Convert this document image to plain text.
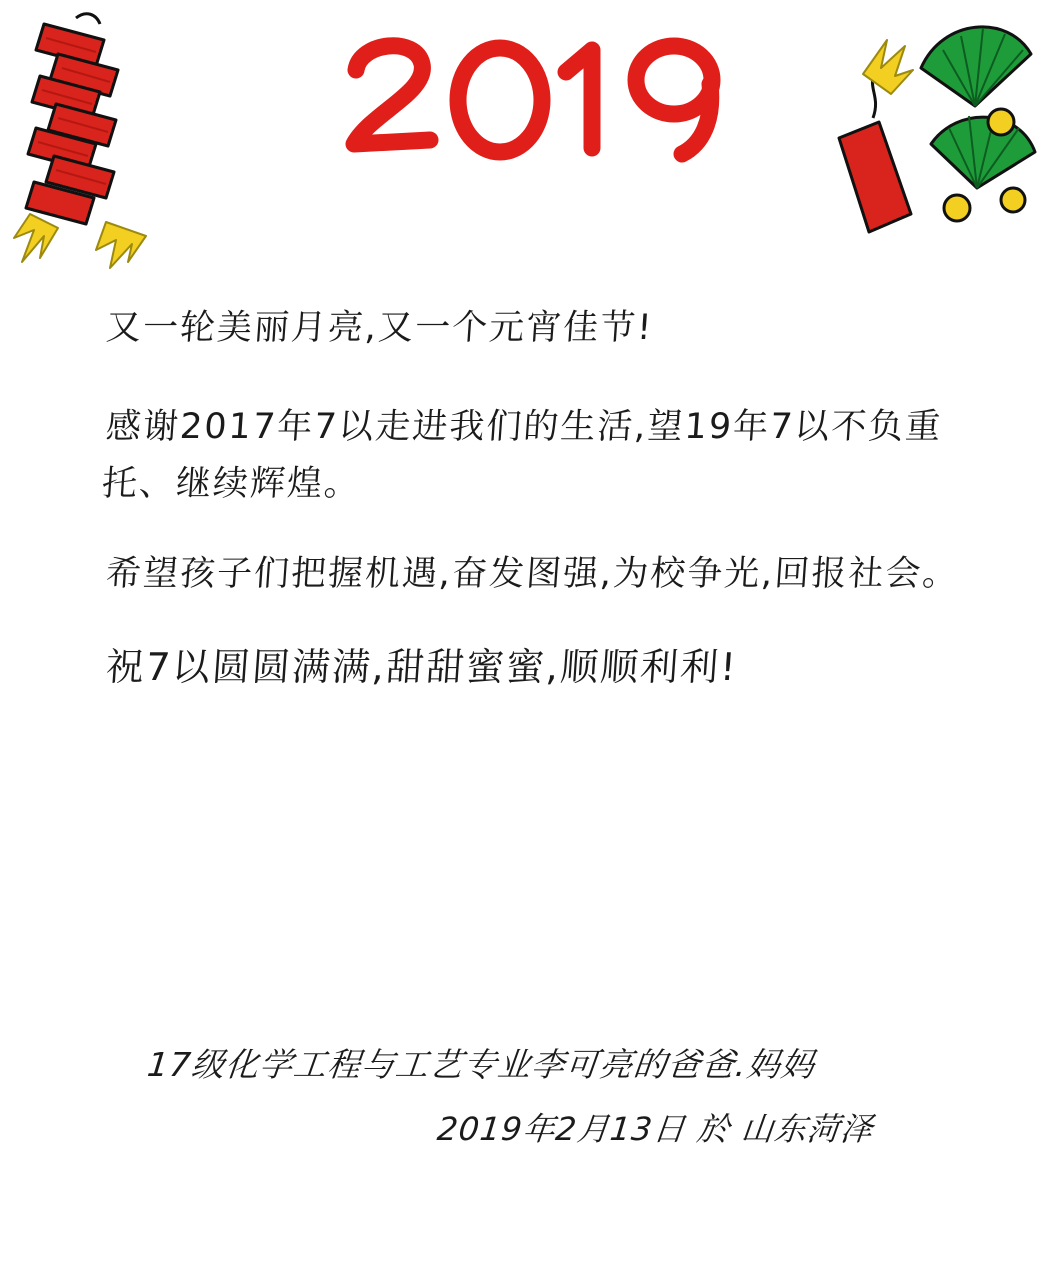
又一轮美丽月亮,又一个元宵佳节!

感谢2017年7以走进我们的生活,望19年7以不负重托、继续辉煌。

希望孩子们把握机遇,奋发图强,为校争光,回报社会。

祝7以圆圆满满,甜甜蜜蜜,顺顺利利!

17级化学工程与工艺专业李可亮的爸爸.妈妈

2019年2月13日 於 山东菏泽
